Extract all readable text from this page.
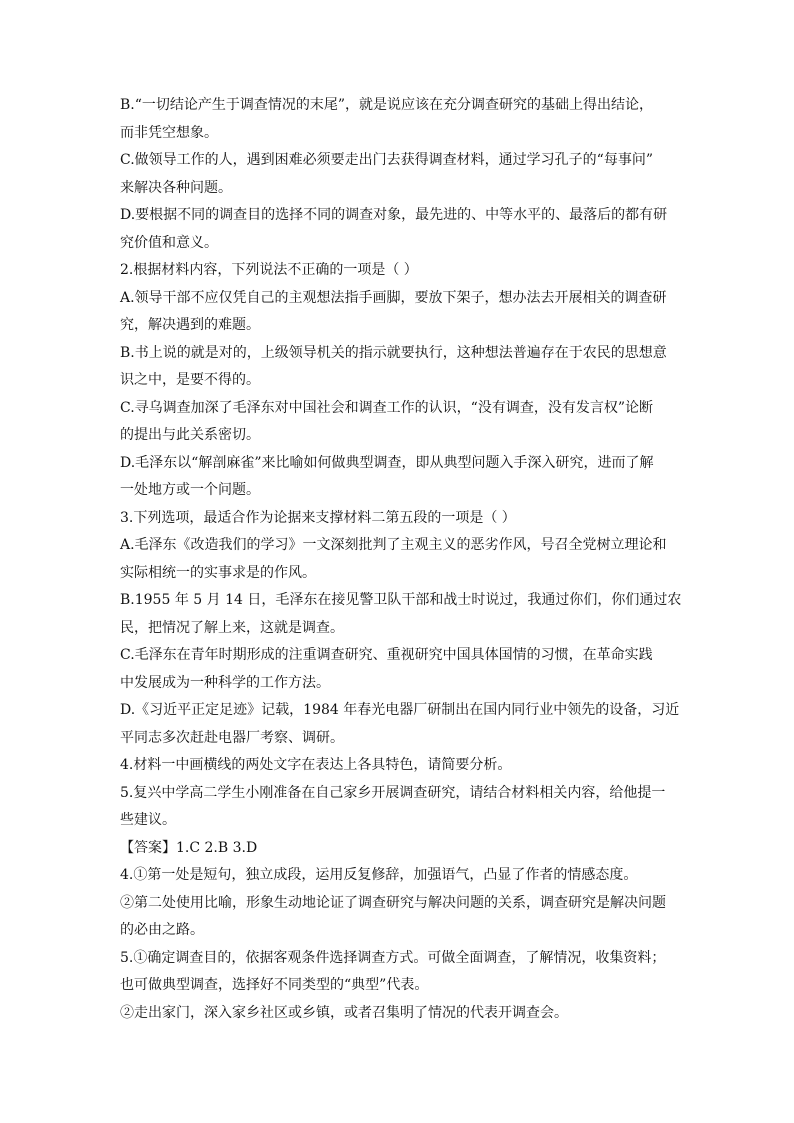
B.“一切结论产生于调查情况的末尾”，就是说应该在充分调查研究的基础上得出结论，
而非凭空想象。
C.做领导工作的人，遇到困难必须要走出门去获得调查材料，通过学习孔子的“每事问”
来解决各种问题。
D.要根据不同的调查目的选择不同的调查对象，最先进的、中等水平的、最落后的都有研
究价值和意义。
2.根据材料内容，下列说法不正确的一项是（ ）
A.领导干部不应仅凭自己的主观想法指手画脚，要放下架子，想办法去开展相关的调查研
究，解决遇到的难题。
B.书上说的就是对的，上级领导机关的指示就要执行，这种想法普遍存在于农民的思想意
识之中，是要不得的。
C.寻乌调查加深了毛泽东对中国社会和调查工作的认识，“没有调查，没有发言权”论断
的提出与此关系密切。
D.毛泽东以“解剖麻雀”来比喻如何做典型调查，即从典型问题入手深入研究，进而了解
一处地方或一个问题。
3.下列选项，最适合作为论据来支撑材料二第五段的一项是（ ）
A.毛泽东《改造我们的学习》一文深刻批判了主观主义的恶劣作风，号召全党树立理论和
实际相统一的实事求是的作风。
B.1955 年 5 月 14 日，毛泽东在接见警卫队干部和战士时说过，我通过你们，你们通过农
民，把情况了解上来，这就是调查。
C.毛泽东在青年时期形成的注重调查研究、重视研究中国具体国情的习惯，在革命实践
中发展成为一种科学的工作方法。
D.《习近平正定足迹》记载，1984 年春光电器厂研制出在国内同行业中领先的设备，习近
平同志多次赶赴电器厂考察、调研。
4.材料一中画横线的两处文字在表达上各具特色，请简要分析。
5.复兴中学高二学生小刚准备在自己家乡开展调查研究，请结合材料相关内容，给他提一
些建议。
【答案】1.C 2.B 3.D
4.①第一处是短句，独立成段，运用反复修辞，加强语气，凸显了作者的情感态度。
②第二处使用比喻，形象生动地论证了调查研究与解决问题的关系，调查研究是解决问题
的必由之路。
5.①确定调查目的，依据客观条件选择调查方式。可做全面调查，了解情况，收集资料；
也可做典型调查，选择好不同类型的“典型”代表。
②走出家门，深入家乡社区或乡镇，或者召集明了情况的代表开调查会。
